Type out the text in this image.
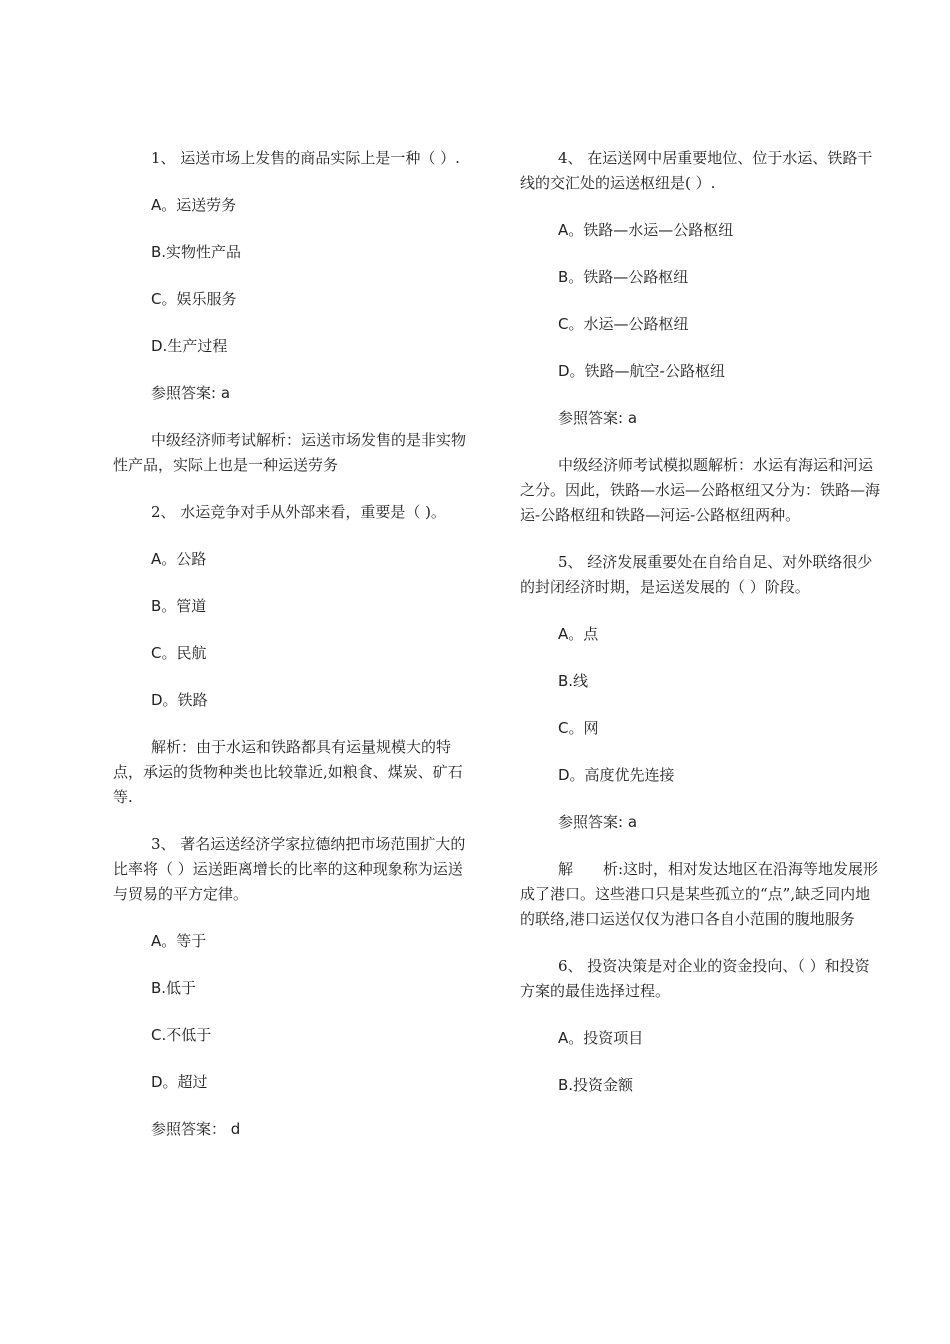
1、 运送市场上发售的商品实际上是一种（ ）.

A。运送劳务

B.实物性产品

C。娱乐服务

D.生产过程

参照答案: a

中级经济师考试解析：运送市场发售的是非实物性产品，实际上也是一种运送劳务

2、 水运竞争对手从外部来看，重要是（ )。

A。公路

B。管道

C。民航

D。铁路

解析：由于水运和铁路都具有运量规模大的特点，承运的货物种类也比较靠近,如粮食、煤炭、矿石等.

3、 著名运送经济学家拉德纳把市场范围扩大的比率将（ ）运送距离增长的比率的这种现象称为运送与贸易的平方定律。

A。等于

B.低于

C.不低于

D。超过

参照答案： d

4、 在运送网中居重要地位、位于水运、铁路干线的交汇处的运送枢纽是( ）.

A。铁路—水运—公路枢纽

B。铁路—公路枢纽

C。水运—公路枢纽

D。铁路—航空-公路枢纽

参照答案: a

中级经济师考试模拟题解析：水运有海运和河运之分。因此，铁路—水运—公路枢纽又分为：铁路—海运-公路枢纽和铁路—河运-公路枢纽两种。

5、 经济发展重要处在自给自足、对外联络很少的封闭经济时期，是运送发展的（ ）阶段。

A。点

B.线

C。网

D。高度优先连接

参照答案: a

解　　析:这时，相对发达地区在沿海等地发展形成了港口。这些港口只是某些孤立的“点”,缺乏同内地的联络,港口运送仅仅为港口各自小范围的腹地服务

6、 投资决策是对企业的资金投向、（ ）和投资方案的最佳选择过程。

A。投资项目

B.投资金额
